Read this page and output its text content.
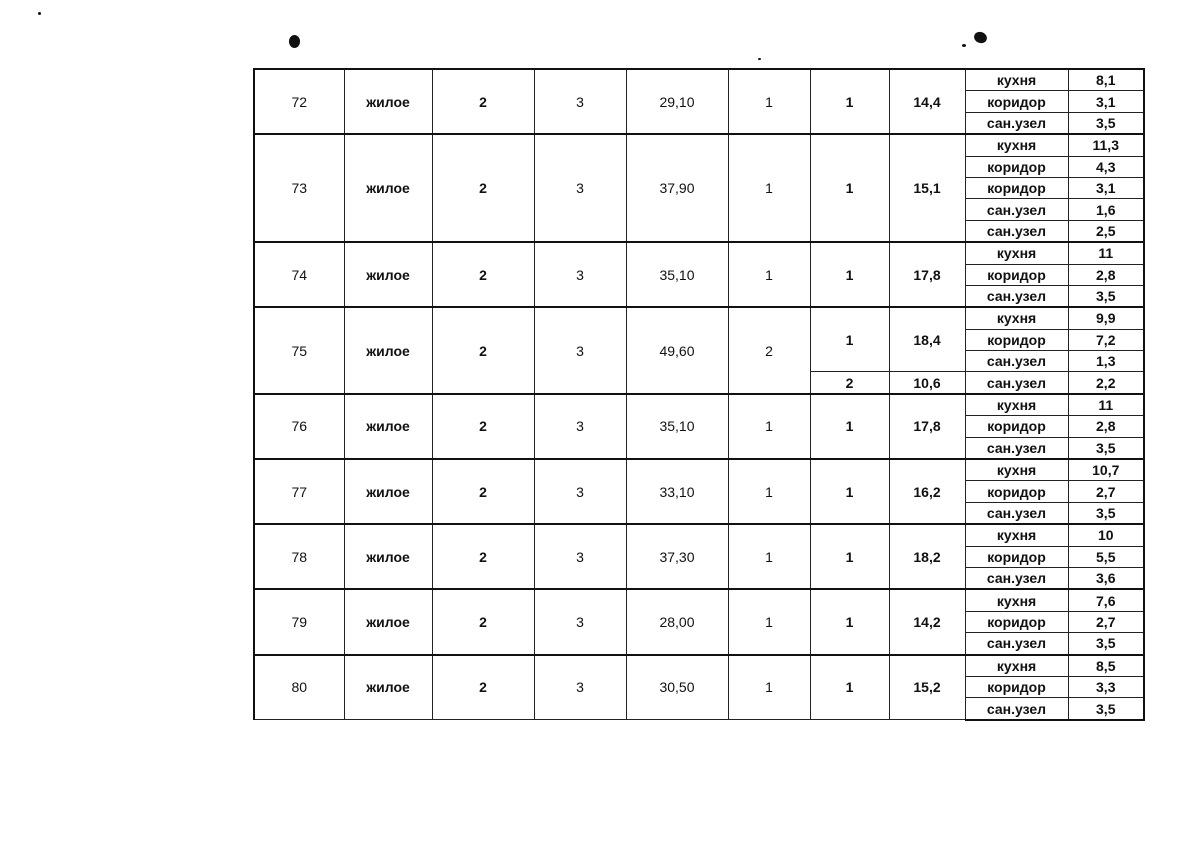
72	жилое	2	3	29,10	1	1	14,4	кухня	8,1
								коридор	3,1
								сан.узел	3,5
73	жилое	2	3	37,90	1	1	15,1	кухня	11,3
								коридор	4,3
								коридор	3,1
								сан.узел	1,6
								сан.узел	2,5
74	жилое	2	3	35,10	1	1	17,8	кухня	11
								коридор	2,8
								сан.узел	3,5
75	жилое	2	3	49,60	2	1	18,4	кухня	9,9
								коридор	7,2
								сан.узел	1,3
						2	10,6	сан.узел	2,2
76	жилое	2	3	35,10	1	1	17,8	кухня	11
								коридор	2,8
								сан.узел	3,5
77	жилое	2	3	33,10	1	1	16,2	кухня	10,7
								коридор	2,7
								сан.узел	3,5
78	жилое	2	3	37,30	1	1	18,2	кухня	10
								коридор	5,5
								сан.узел	3,6
79	жилое	2	3	28,00	1	1	14,2	кухня	7,6
								коридор	2,7
								сан.узел	3,5
80	жилое	2	3	30,50	1	1	15,2	кухня	8,5
								коридор	3,3
								сан.узел	3,5
